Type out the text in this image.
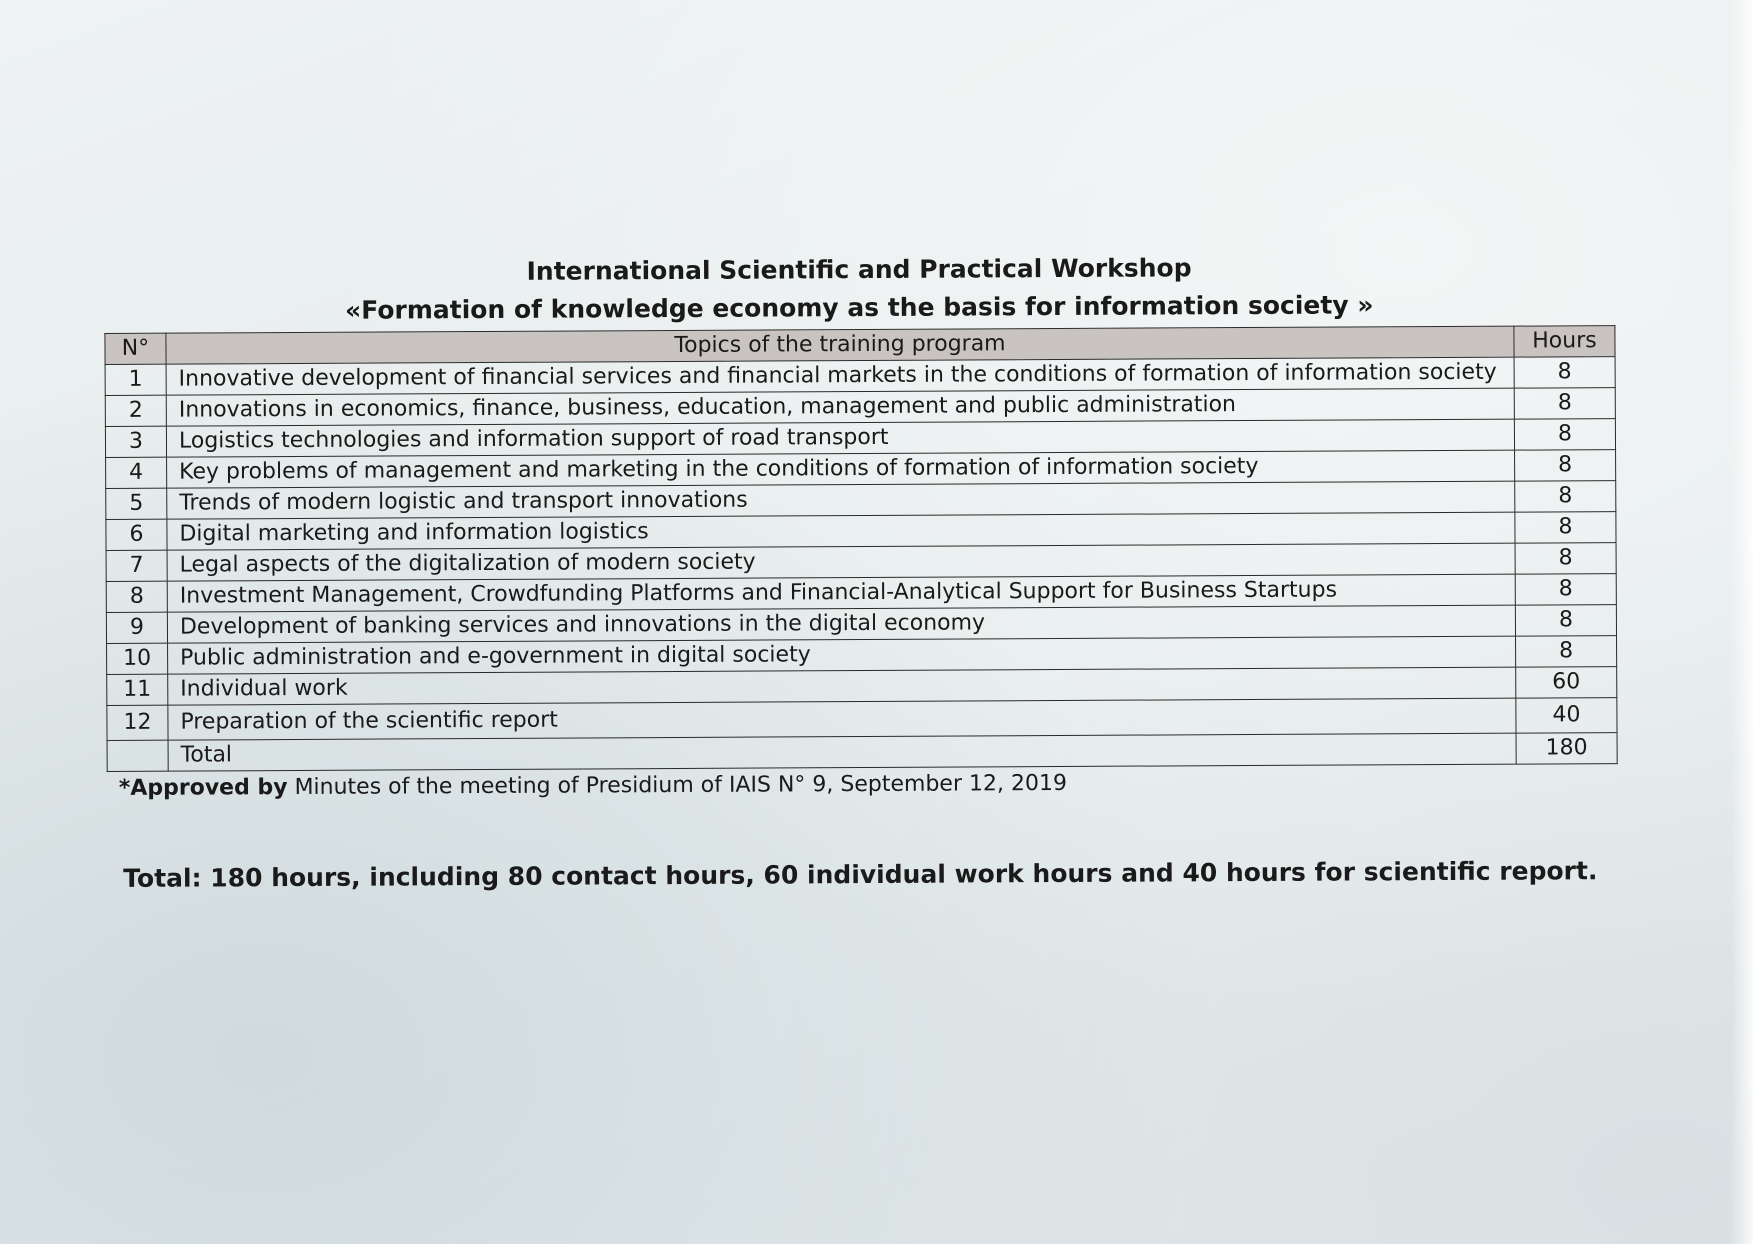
International Scientific and Practical Workshop

«Formation of knowledge economy as the basis for information society »

N°	Topics of the training program	Hours
1	Innovative development of financial services and financial markets in the conditions of formation of information society	8
2	Innovations in economics, finance, business, education, management and public administration	8
3	Logistics technologies and information support of road transport	8
4	Key problems of management and marketing in the conditions of formation of information society	8
5	Trends of modern logistic and transport innovations	8
6	Digital marketing and information logistics	8
7	Legal aspects of the digitalization of modern society	8
8	Investment Management, Crowdfunding Platforms and Financial-Analytical Support for Business Startups	8
9	Development of banking services and innovations in the digital economy	8
10	Public administration and e-government in digital society	8
11	Individual work	60
12	Preparation of the scientific report	40
	Total	180
*Approved by Minutes of the meeting of Presidium of IAIS N° 9, September 12, 2019
Total: 180 hours, including 80 contact hours, 60 individual work hours and 40 hours for scientific report.
